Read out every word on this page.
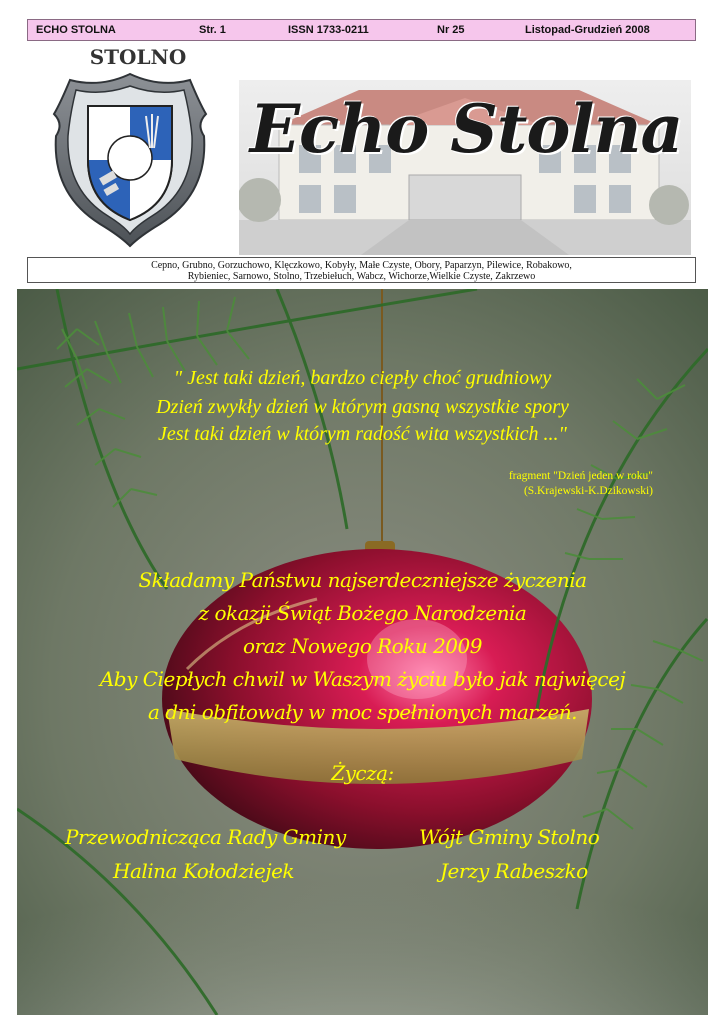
ECHO STOLNA	Str. 1	ISSN 1733-0211	Nr 25	Listopad-Grudzień 2008
STOLNO
Echo Stolna
Cepno, Grubno, Gorzuchowo, Klęczkowo, Kobyły, Małe Czyste, Obory, Paparzyn, Pilewice, Robakowo,
Rybieniec, Sarnowo, Stolno, Trzebiełuch, Wabcz, Wichorze,Wielkie Czyste, Zakrzewo
" Jest taki dzień, bardzo ciepły choć grudniowy
Dzień zwykły dzień w którym gasną wszystkie spory
Jest taki dzień w którym radość wita wszystkich ..."
fragment "Dzień jeden w roku"
(S.Krajewski-K.Dzikowski)
Składamy Państwu najserdeczniejsze życzenia
z okazji Świąt Bożego Narodzenia
oraz Nowego Roku 2009
Aby Ciepłych chwil w Waszym życiu było jak najwięcej
a dni obfitowały w moc spełnionych marzeń.
Życzą:
Przewodnicząca Rady Gminy
Halina Kołodziejek
Wójt Gminy Stolno
Jerzy Rabeszko
